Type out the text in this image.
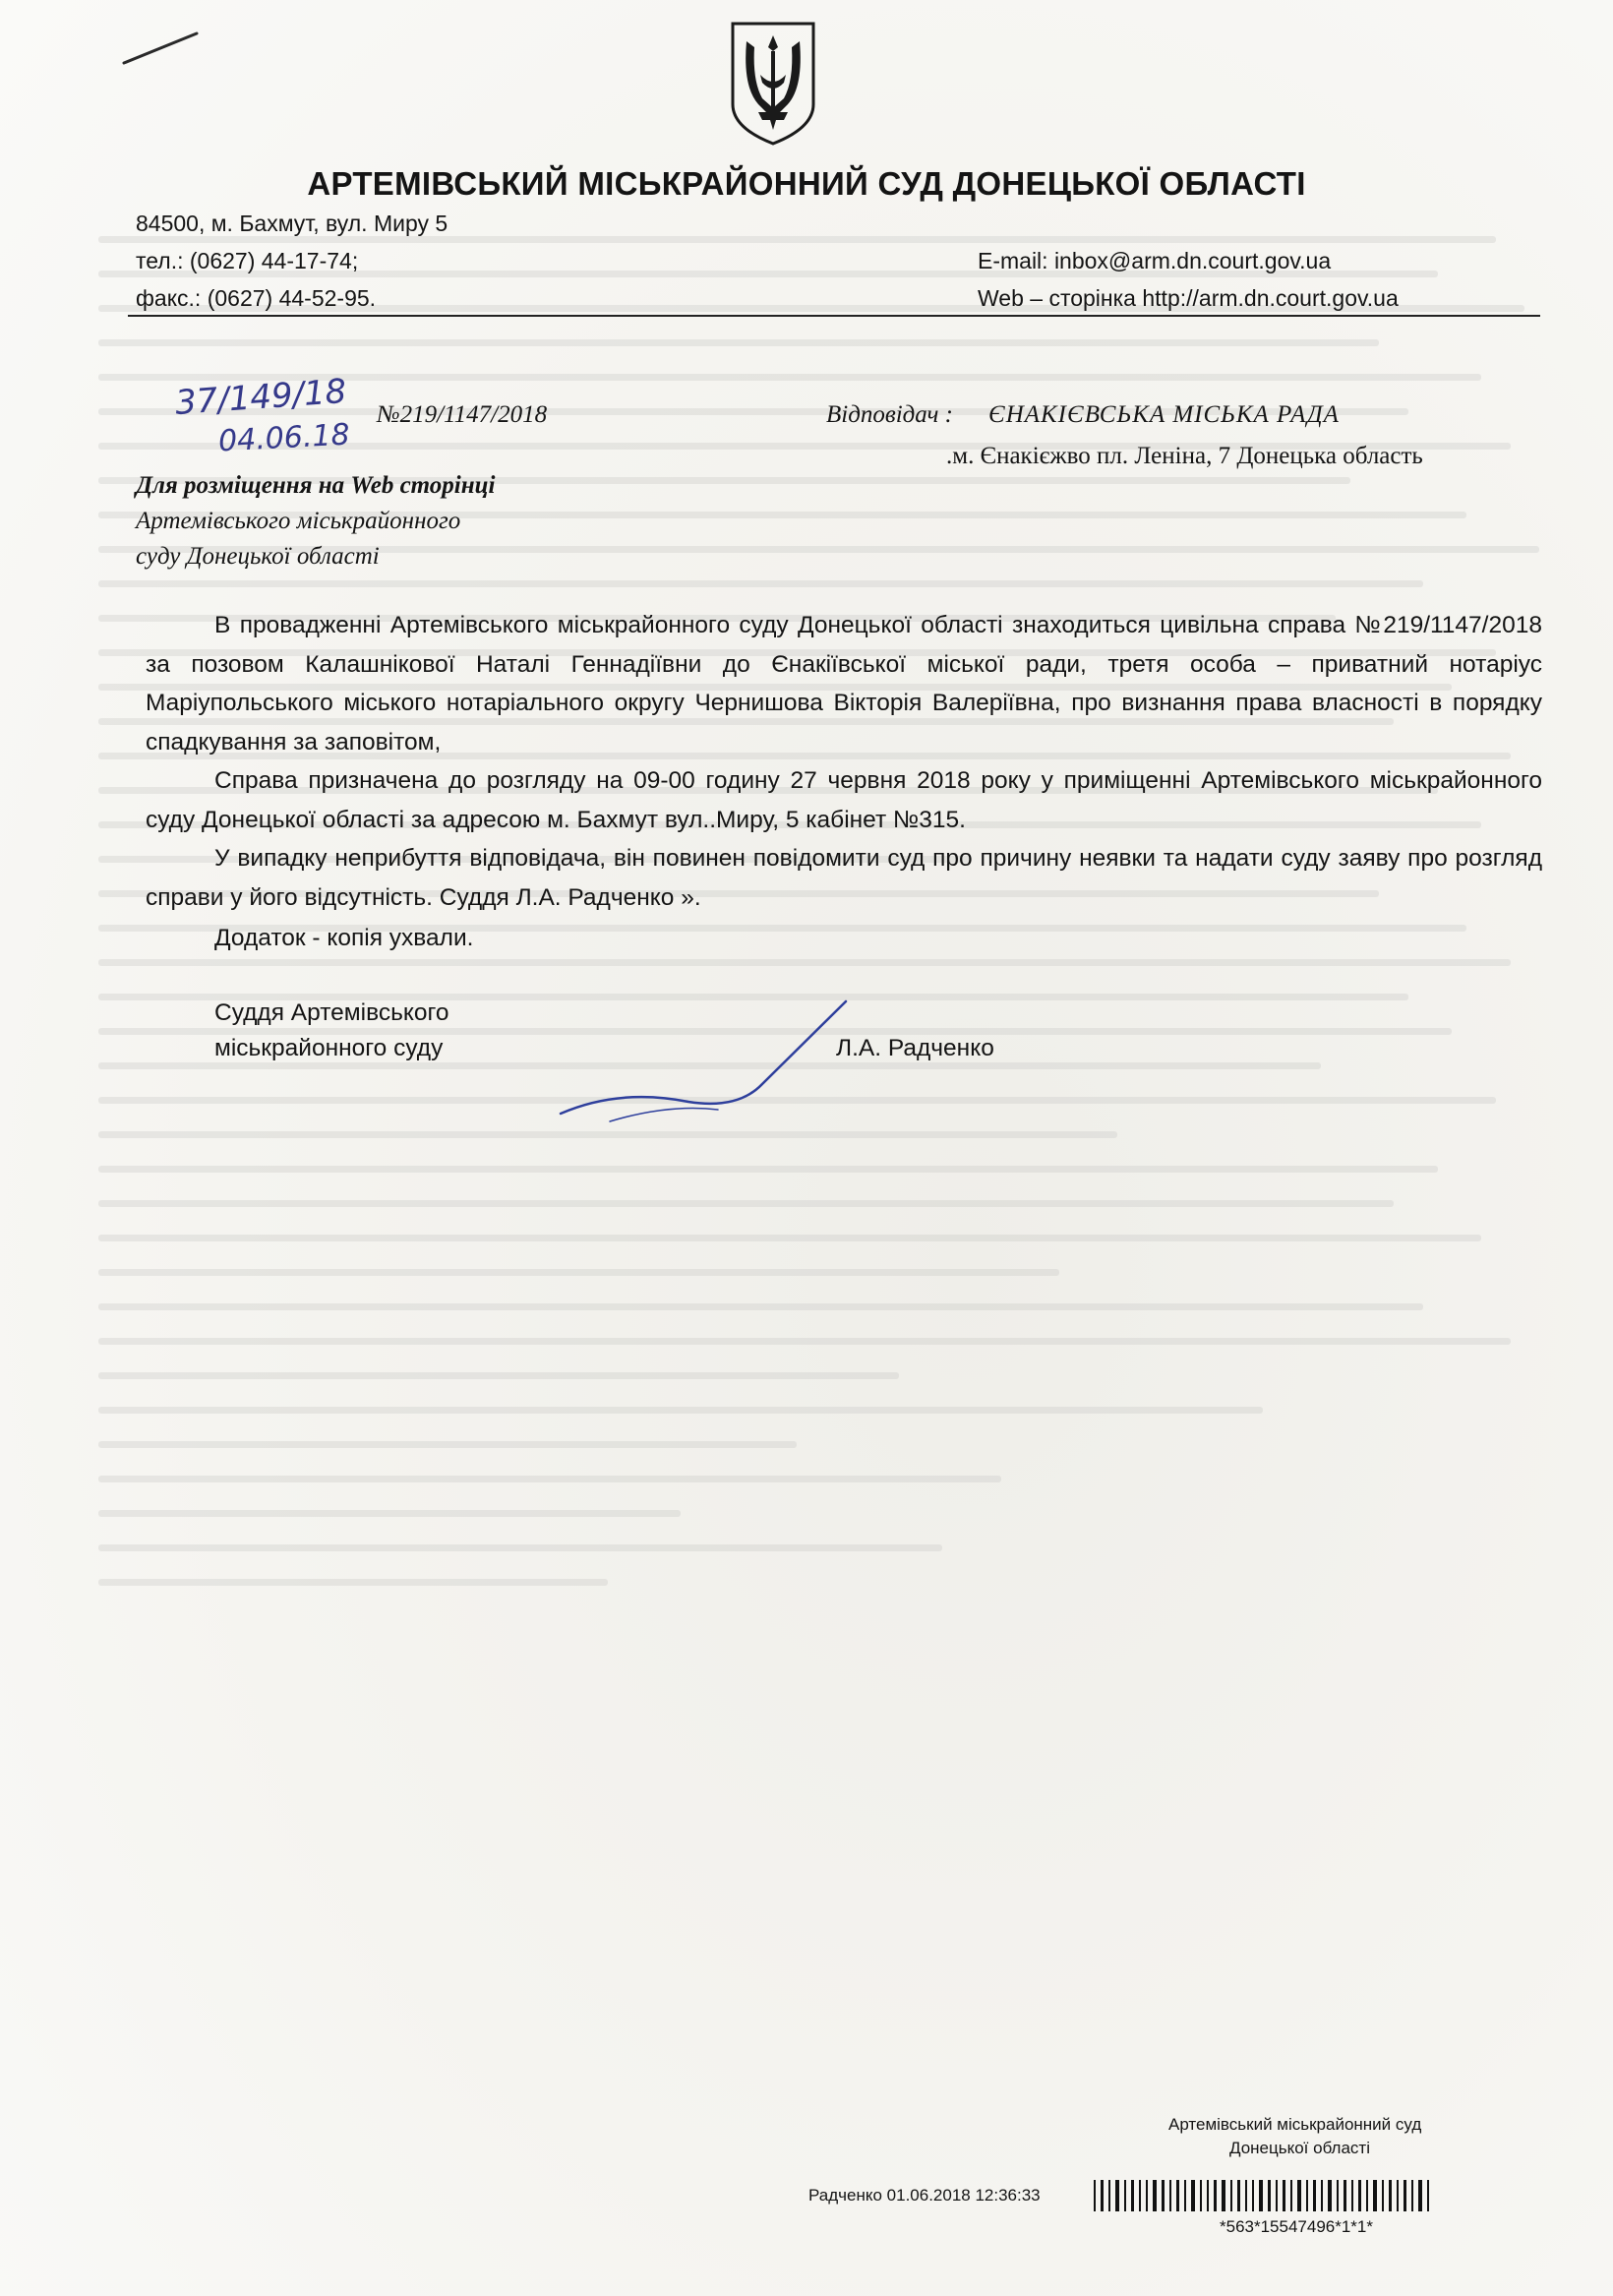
АРТЕМІВСЬКИЙ МІСЬКРАЙОННИЙ СУД ДОНЕЦЬКОЇ ОБЛАСТІ
84500, м. Бахмут, вул. Миру 5
тел.: (0627) 44-17-74;
факс.: (0627) 44-52-95.
E-mail: inbox@arm.dn.court.gov.ua
Web – сторінка http://arm.dn.court.gov.ua
37/149/18
04.06.18
№219/1147/2018	Відповідач : ЄНАКІЄВСЬКА МІСЬКА РАДА
.м. Єнакієжво пл. Леніна, 7 Донецька область
Для розміщення на Web сторінці
Артемівського міськрайонного
суду Донецької області

В провадженні Артемівського міськрайонного суду Донецької області знаходиться цивільна справа №219/1147/2018 за позовом Калашнікової Наталі Геннадіївни до Єнакіївської міської ради, третя особа – приватний нотаріус Маріупольського міського нотаріального округу Чернишова Вікторія Валеріївна, про визнання права власності в порядку спадкування за заповітом,

Справа призначена до розгляду на 09-00 годину 27 червня 2018 року у приміщенні Артемівського міськрайонного суду Донецької області за адресою м. Бахмут вул..Миру, 5 кабінет №315.

У випадку неприбуття відповідача, він повинен повідомити суд про причину неявки та надати суду заяву про розгляд справи у його відсутність. Суддя Л.А. Радченко ».

Додаток - копія ухвали.
Суддя Артемівського
міськрайонного суду	Л.А. Радченко
Артемівський міськрайонний суд
Донецької області
Радченко 01.06.2018 12:36:33
*563*15547496*1*1*
